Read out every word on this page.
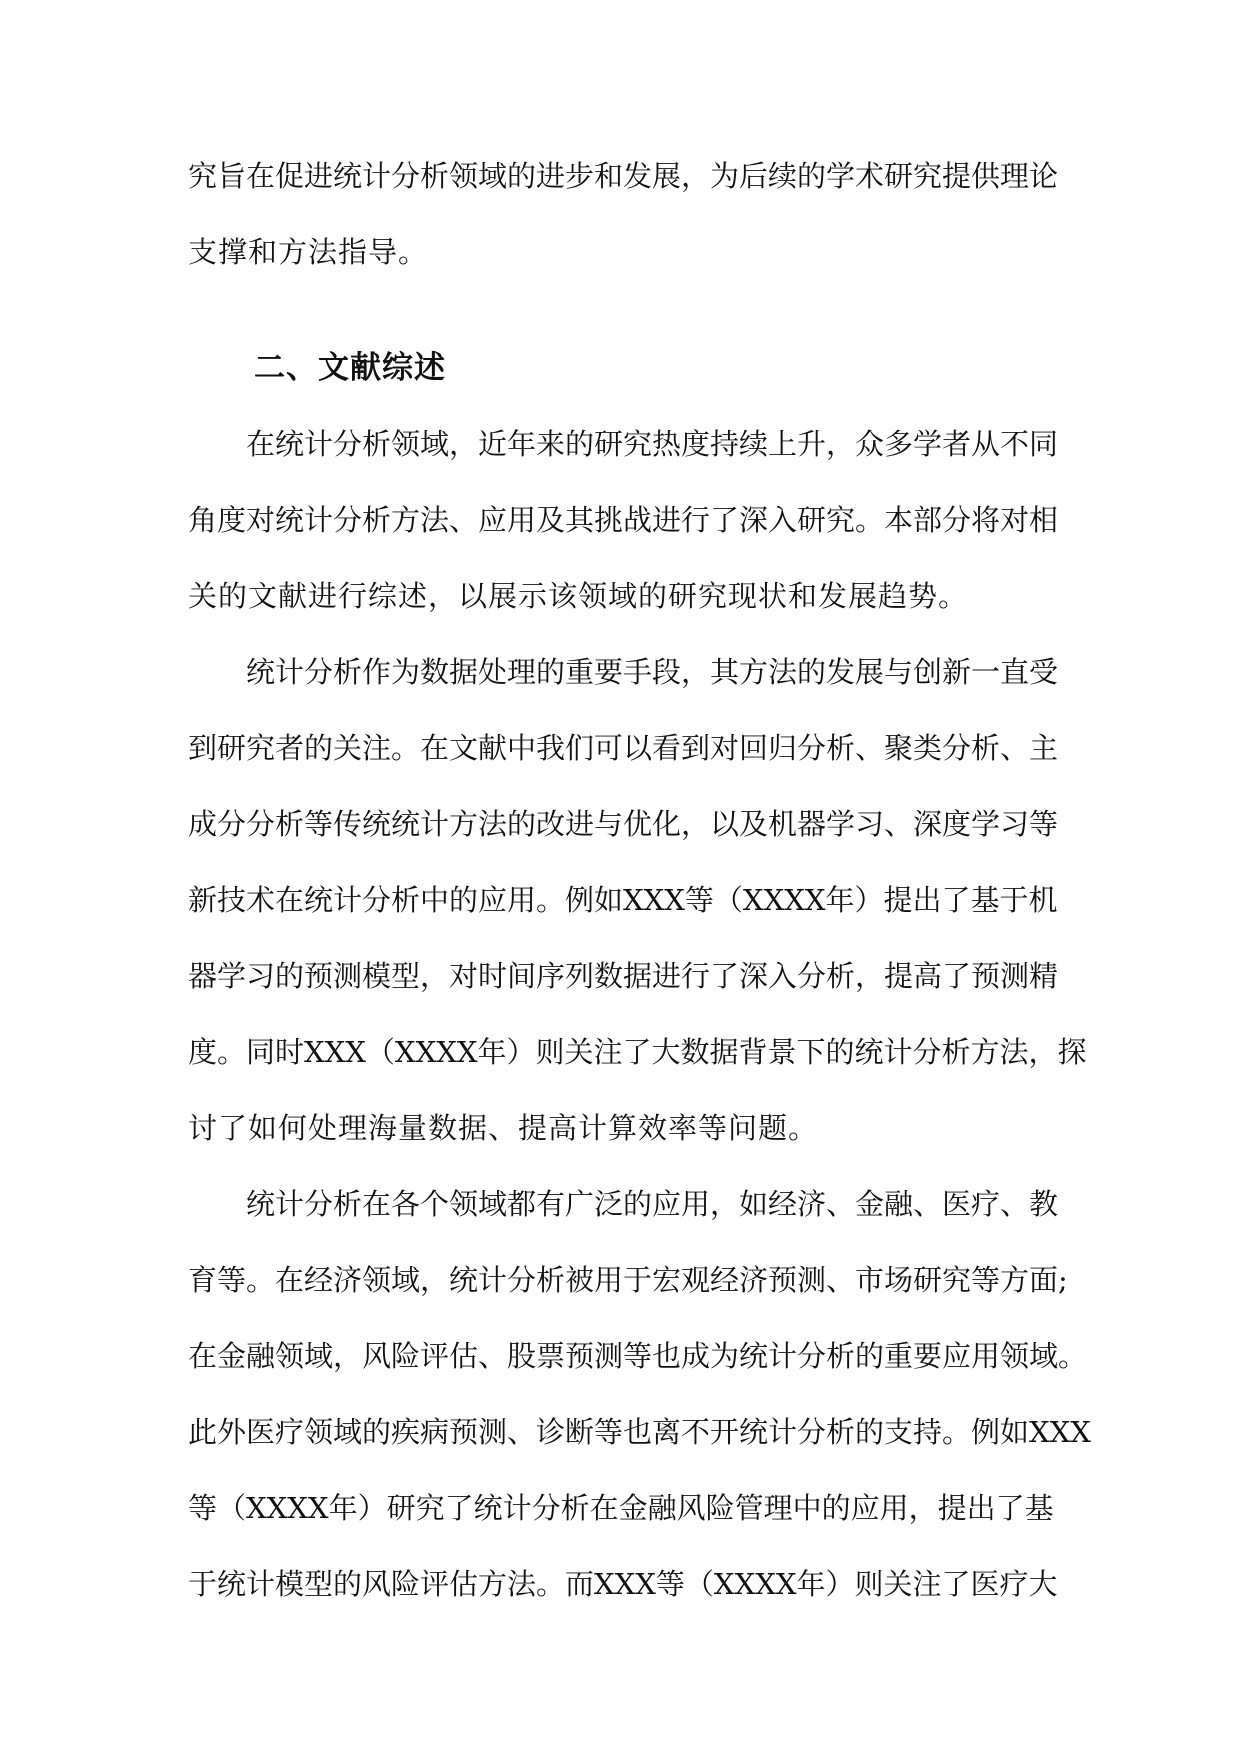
究旨在促进统计分析领域的进步和发展，为后续的学术研究提供理论
支撑和方法指导。
二、文献综述
在统计分析领域，近年来的研究热度持续上升，众多学者从不同
角度对统计分析方法、应用及其挑战进行了深入研究。本部分将对相
关的文献进行综述，以展示该领域的研究现状和发展趋势。
统计分析作为数据处理的重要手段，其方法的发展与创新一直受
到研究者的关注。在文献中我们可以看到对回归分析、聚类分析、主
成分分析等传统统计方法的改进与优化，以及机器学习、深度学习等
新技术在统计分析中的应用。例如XXX等（XXXX年）提出了基于机
器学习的预测模型，对时间序列数据进行了深入分析，提高了预测精
度。同时XXX（XXXX年）则关注了大数据背景下的统计分析方法，探
讨了如何处理海量数据、提高计算效率等问题。
统计分析在各个领域都有广泛的应用，如经济、金融、医疗、教
育等。在经济领域，统计分析被用于宏观经济预测、市场研究等方面;
在金融领域，风险评估、股票预测等也成为统计分析的重要应用领域。
此外医疗领域的疾病预测、诊断等也离不开统计分析的支持。例如XXX
等（XXXX年）研究了统计分析在金融风险管理中的应用，提出了基
于统计模型的风险评估方法。而XXX等（XXXX年）则关注了医疗大
